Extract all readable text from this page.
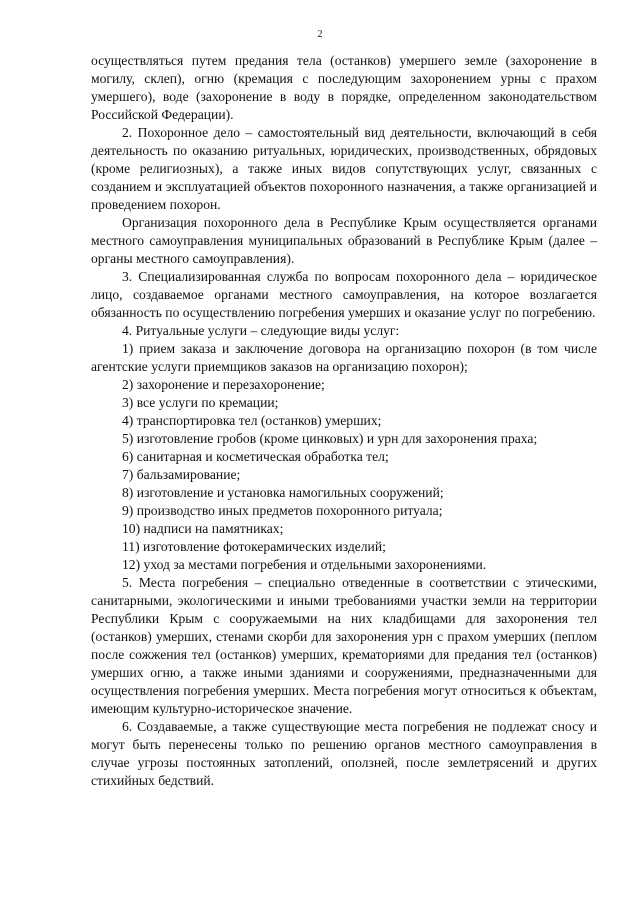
2

осуществляться путем предания тела (останков) умершего земле (захоронение в могилу, склеп), огню (кремация с последующим захоронением урны с прахом умершего), воде (захоронение в воду в порядке, определенном законодательством Российской Федерации).

2. Похоронное дело – самостоятельный вид деятельности, включающий в себя деятельность по оказанию ритуальных, юридических, производственных, обрядовых (кроме религиозных), а также иных видов сопутствующих услуг, связанных с созданием и эксплуатацией объектов похоронного назначения, а также организацией и проведением похорон.

Организация похоронного дела в Республике Крым осуществляется органами местного самоуправления муниципальных образований в Республике Крым (далее – органы местного самоуправления).

3. Специализированная служба по вопросам похоронного дела – юридическое лицо, создаваемое органами местного самоуправления, на которое возлагается обязанность по осуществлению погребения умерших и оказание услуг по погребению.

4. Ритуальные услуги – следующие виды услуг:

1) прием заказа и заключение договора на организацию похорон (в том числе агентские услуги приемщиков заказов на организацию похорон);

2) захоронение и перезахоронение;

3) все услуги по кремации;

4) транспортировка тел (останков) умерших;

5) изготовление гробов (кроме цинковых) и урн для захоронения праха;

6) санитарная и косметическая обработка тел;

7) бальзамирование;

8) изготовление и установка намогильных сооружений;

9) производство иных предметов похоронного ритуала;

10) надписи на памятниках;

11) изготовление фотокерамических изделий;

12) уход за местами погребения и отдельными захоронениями.

5. Места погребения – специально отведенные в соответствии с этическими, санитарными, экологическими и иными требованиями участки земли на территории Республики Крым с сооружаемыми на них кладбищами для захоронения тел (останков) умерших, стенами скорби для захоронения урн с прахом умерших (пеплом после сожжения тел (останков) умерших, крематориями для предания тел (останков) умерших огню, а также иными зданиями и сооружениями, предназначенными для осуществления погребения умерших. Места погребения могут относиться к объектам, имеющим культурно-историческое значение.

6. Создаваемые, а также существующие места погребения не подлежат сносу и могут быть перенесены только по решению органов местного самоуправления в случае угрозы постоянных затоплений, оползней, после землетрясений и других стихийных бедствий.
